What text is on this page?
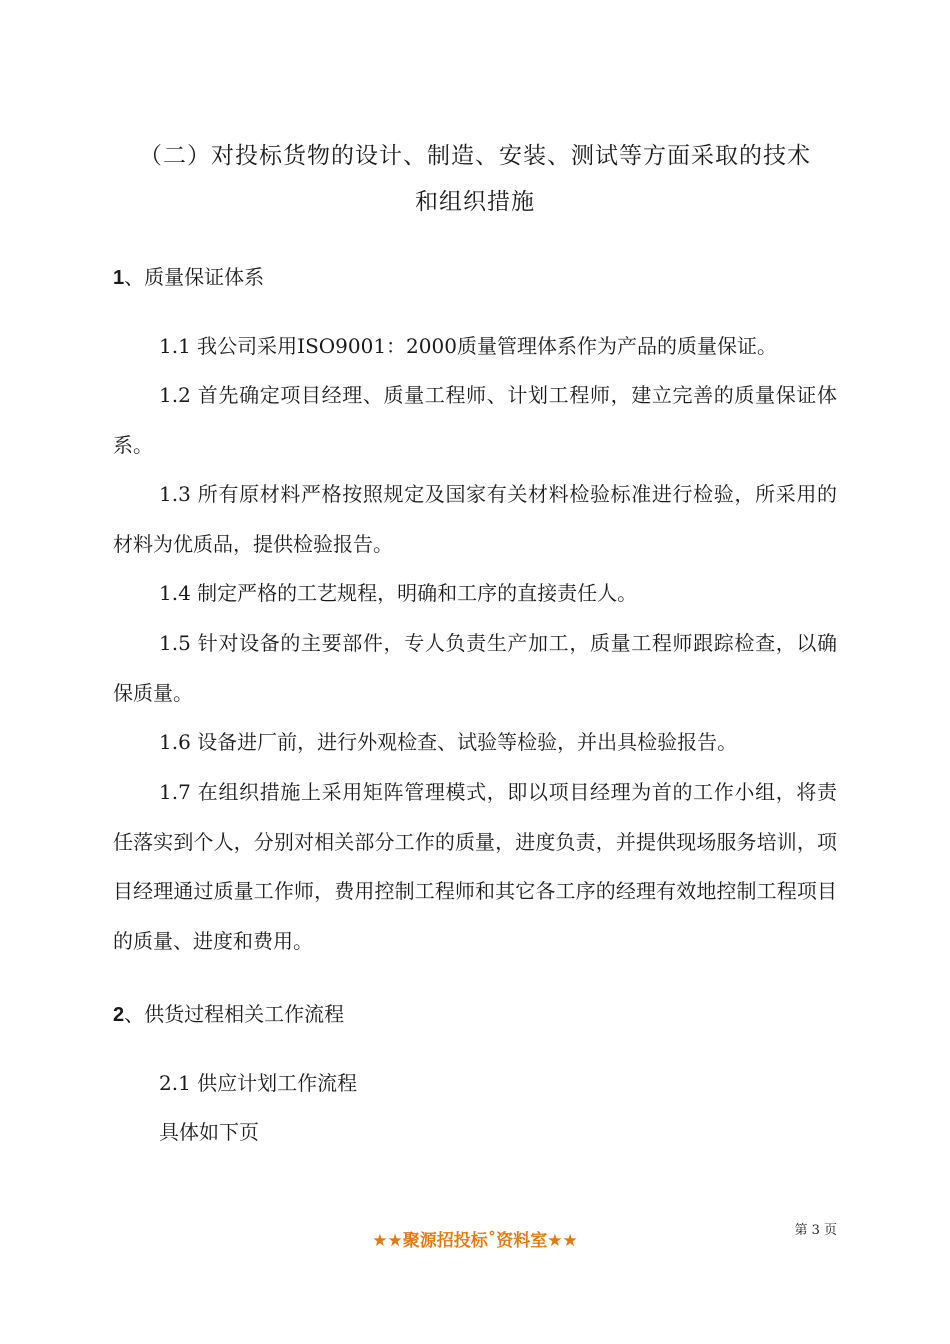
（二）对投标货物的设计、制造、安装、测试等方面采取的技术
和组织措施
1、质量保证体系

1.1 我公司采用ISO9001：2000质量管理体系作为产品的质量保证。

1.2 首先确定项目经理、质量工程师、计划工程师，建立完善的质量保证体系。

1.3 所有原材料严格按照规定及国家有关材料检验标准进行检验，所采用的材料为优质品，提供检验报告。

1.4 制定严格的工艺规程，明确和工序的直接责任人。

1.5 针对设备的主要部件，专人负责生产加工，质量工程师跟踪检查，以确保质量。

1.6 设备进厂前，进行外观检查、试验等检验，并出具检验报告。

1.7 在组织措施上采用矩阵管理模式，即以项目经理为首的工作小组，将责任落实到个人，分别对相关部分工作的质量，进度负责，并提供现场服务培训，项目经理通过质量工作师，费用控制工程师和其它各工序的经理有效地控制工程项目的质量、进度和费用。

2、供货过程相关工作流程

2.1 供应计划工作流程

具体如下页

第 3 页
★★聚源招投标˚资料室★★
